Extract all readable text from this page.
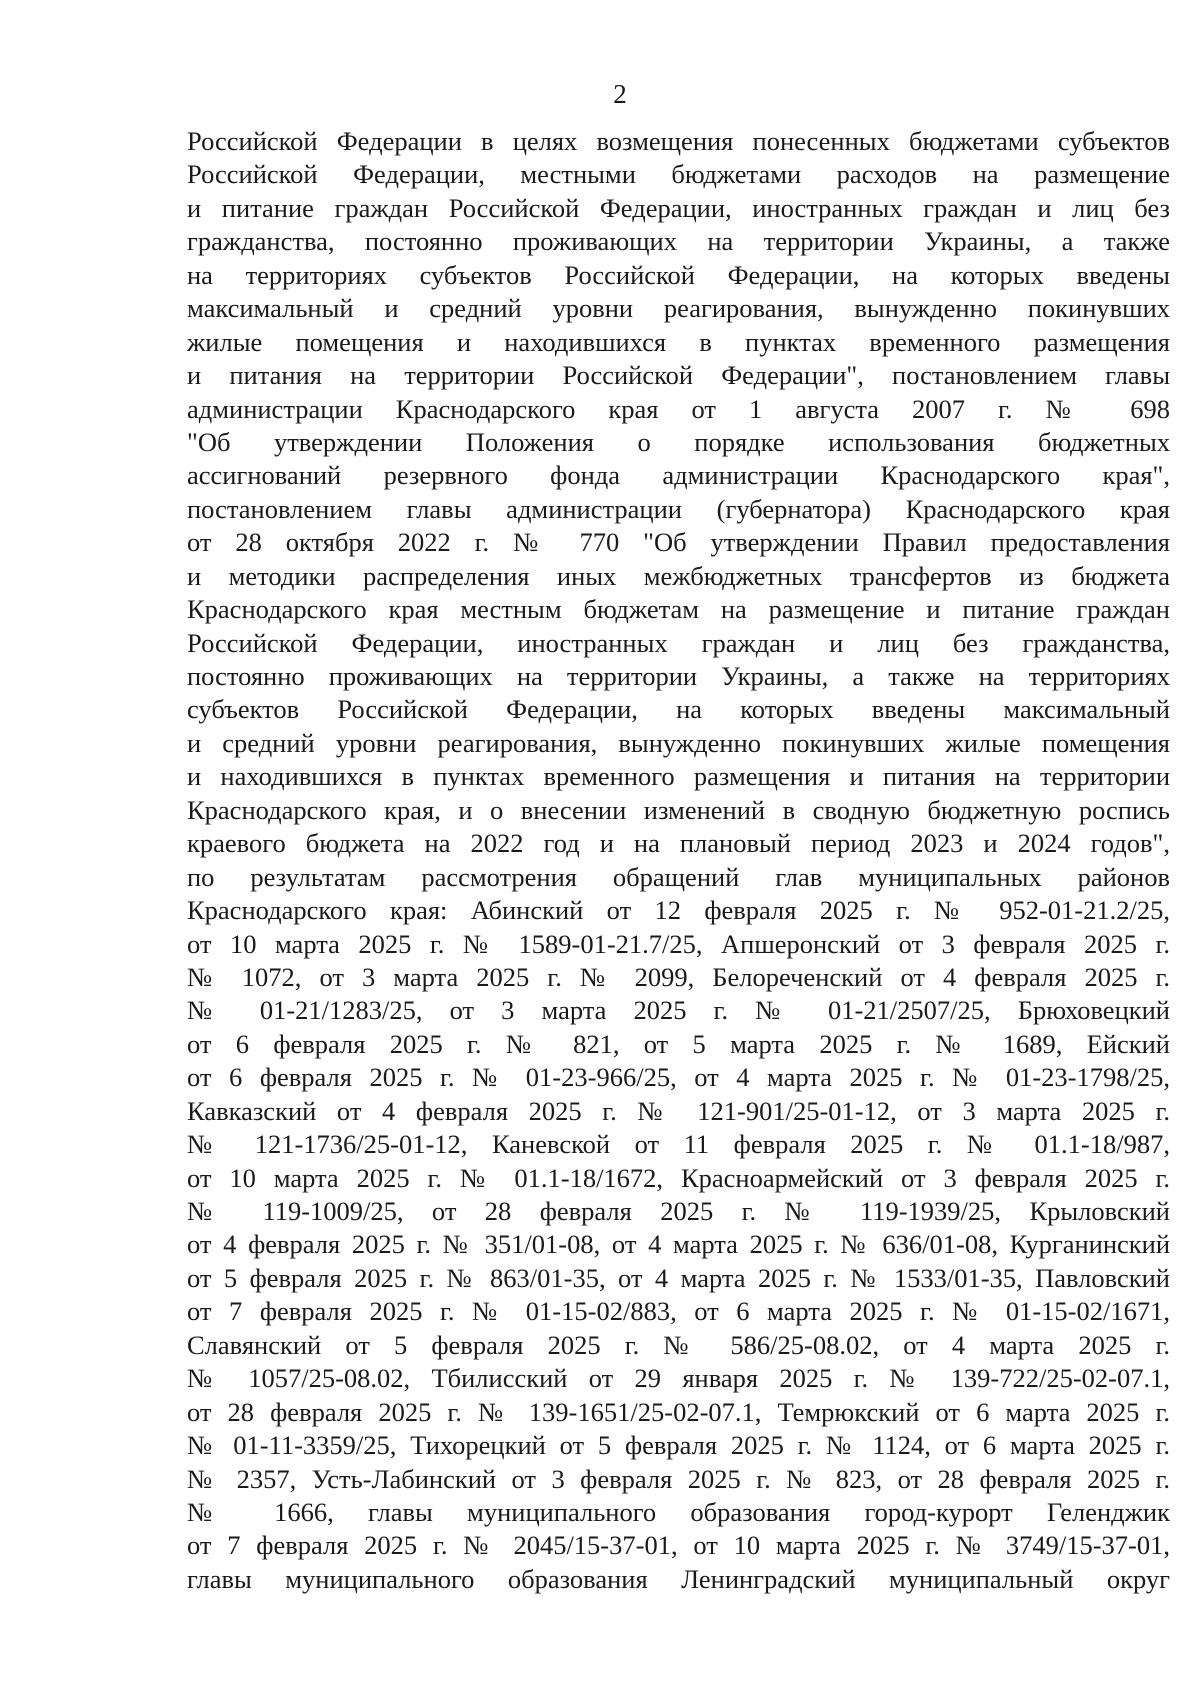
2
Российской Федерации в целях возмещения понесенных бюджетами субъектов
Российской Федерации, местными бюджетами расходов на размещение
и питание граждан Российской Федерации, иностранных граждан и лиц без
гражданства, постоянно проживающих на территории Украины, а также
на территориях субъектов Российской Федерации, на которых введены
максимальный и средний уровни реагирования, вынужденно покинувших
жилые помещения и находившихся в пунктах временного размещения
и питания на территории Российской Федерации", постановлением главы
администрации Краснодарского края от 1 августа 2007 г. № 698
"Об утверждении Положения о порядке использования бюджетных
ассигнований резервного фонда администрации Краснодарского края",
постановлением главы администрации (губернатора) Краснодарского края
от 28 октября 2022 г. № 770 "Об утверждении Правил предоставления
и методики распределения иных межбюджетных трансфертов из бюджета
Краснодарского края местным бюджетам на размещение и питание граждан
Российской Федерации, иностранных граждан и лиц без гражданства,
постоянно проживающих на территории Украины, а также на территориях
субъектов Российской Федерации, на которых введены максимальный
и средний уровни реагирования, вынужденно покинувших жилые помещения
и находившихся в пунктах временного размещения и питания на территории
Краснодарского края, и о внесении изменений в сводную бюджетную роспись
краевого бюджета на 2022 год и на плановый период 2023 и 2024 годов",
по результатам рассмотрения обращений глав муниципальных районов
Краснодарского края: Абинский от 12 февраля 2025 г. № 952-01-21.2/25,
от 10 марта 2025 г. № 1589-01-21.7/25, Апшеронский от 3 февраля 2025 г.
№ 1072, от 3 марта 2025 г. № 2099, Белореченский от 4 февраля 2025 г.
№ 01-21/1283/25, от 3 марта 2025 г. № 01-21/2507/25, Брюховецкий
от 6 февраля 2025 г. № 821, от 5 марта 2025 г. № 1689, Ейский
от 6 февраля 2025 г. № 01-23-966/25, от 4 марта 2025 г. № 01-23-1798/25,
Кавказский от 4 февраля 2025 г. № 121-901/25-01-12, от 3 марта 2025 г.
№ 121-1736/25-01-12, Каневской от 11 февраля 2025 г. № 01.1-18/987,
от 10 марта 2025 г. № 01.1-18/1672, Красноармейский от 3 февраля 2025 г.
№ 119-1009/25, от 28 февраля 2025 г. № 119-1939/25, Крыловский
от 4 февраля 2025 г. № 351/01-08, от 4 марта 2025 г. № 636/01-08, Курганинский
от 5 февраля 2025 г. № 863/01-35, от 4 марта 2025 г. № 1533/01-35, Павловский
от 7 февраля 2025 г. № 01-15-02/883, от 6 марта 2025 г. № 01-15-02/1671,
Славянский от 5 февраля 2025 г. № 586/25-08.02, от 4 марта 2025 г.
№ 1057/25-08.02, Тбилисский от 29 января 2025 г. № 139-722/25-02-07.1,
от 28 февраля 2025 г. № 139-1651/25-02-07.1, Темрюкский от 6 марта 2025 г.
№ 01-11-3359/25, Тихорецкий от 5 февраля 2025 г. № 1124, от 6 марта 2025 г.
№ 2357, Усть-Лабинский от 3 февраля 2025 г. № 823, от 28 февраля 2025 г.
№ 1666, главы муниципального образования город-курорт Геленджик
от 7 февраля 2025 г. № 2045/15-37-01, от 10 марта 2025 г. № 3749/15-37-01,
главы муниципального образования Ленинградский муниципальный округ
